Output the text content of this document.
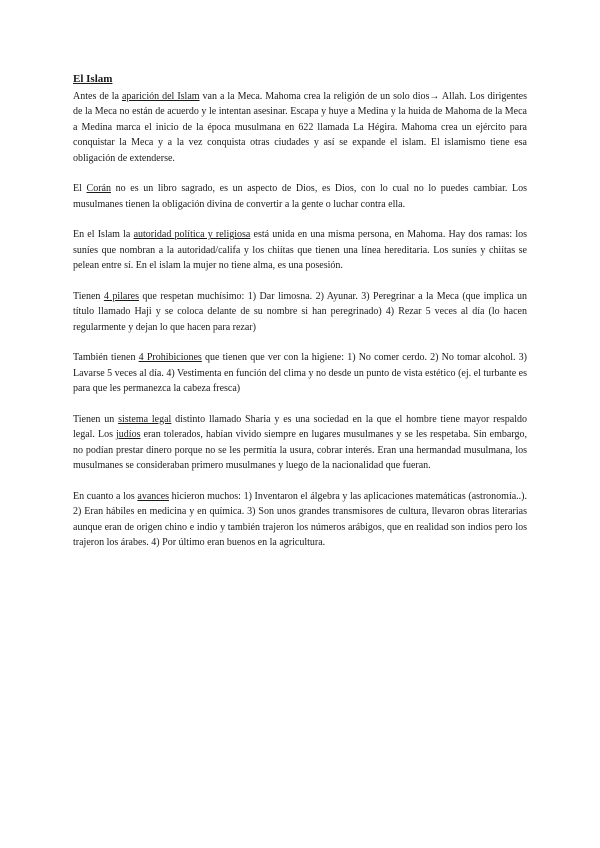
El Islam

Antes de la aparición del Islam van a la Meca. Mahoma crea la religión de un solo dios→ Allah. Los dirigentes de la Meca no están de acuerdo y le intentan asesinar. Escapa y huye a Medina y la huida de Mahoma de la Meca a Medina marca el inicio de la época musulmana en 622 llamada La Hégira. Mahoma crea un ejército para conquistar la Meca y a la vez conquista otras ciudades y así se expande el islam. El islamismo tiene esa obligación de extenderse.

El Corán no es un libro sagrado, es un aspecto de Dios, es Dios, con lo cual no lo puedes cambiar. Los musulmanes tienen la obligación divina de convertir a la gente o luchar contra ella.

En el Islam la autoridad política y religiosa está unida en una misma persona, en Mahoma. Hay dos ramas: los suníes que nombran a la autoridad/califa y los chiítas que tienen una línea hereditaria. Los suníes y chiítas se pelean entre sí. En el islam la mujer no tiene alma, es una posesión.

Tienen 4 pilares que respetan muchísimo: 1) Dar limosna. 2) Ayunar. 3) Peregrinar a la Meca (que implica un título llamado Haji y se coloca delante de su nombre si han peregrinado) 4) Rezar 5 veces al día (lo hacen regularmente y dejan lo que hacen para rezar)

También tienen 4 Prohibiciones que tienen que ver con la higiene: 1) No comer cerdo. 2) No tomar alcohol. 3) Lavarse 5 veces al día. 4) Vestimenta en función del clima y no desde un punto de vista estético (ej. el turbante es para que les permanezca la cabeza fresca)

Tienen un sistema legal distinto llamado Sharia y es una sociedad en la que el hombre tiene mayor respaldo legal. Los judíos eran tolerados, habían vivido siempre en lugares musulmanes y se les respetaba. Sin embargo, no podían prestar dinero porque no se les permitía la usura, cobrar interés. Eran una hermandad musulmana, los musulmanes se consideraban primero musulmanes y luego de la nacionalidad que fueran.

En cuanto a los avances hicieron muchos: 1) Inventaron el álgebra y las aplicaciones matemáticas (astronomía..). 2) Eran hábiles en medicina y en química. 3) Son unos grandes transmisores de cultura, llevaron obras literarias aunque eran de origen chino e indio y también trajeron los números arábigos, que en realidad son indios pero los trajeron los árabes. 4) Por último eran buenos en la agricultura.
